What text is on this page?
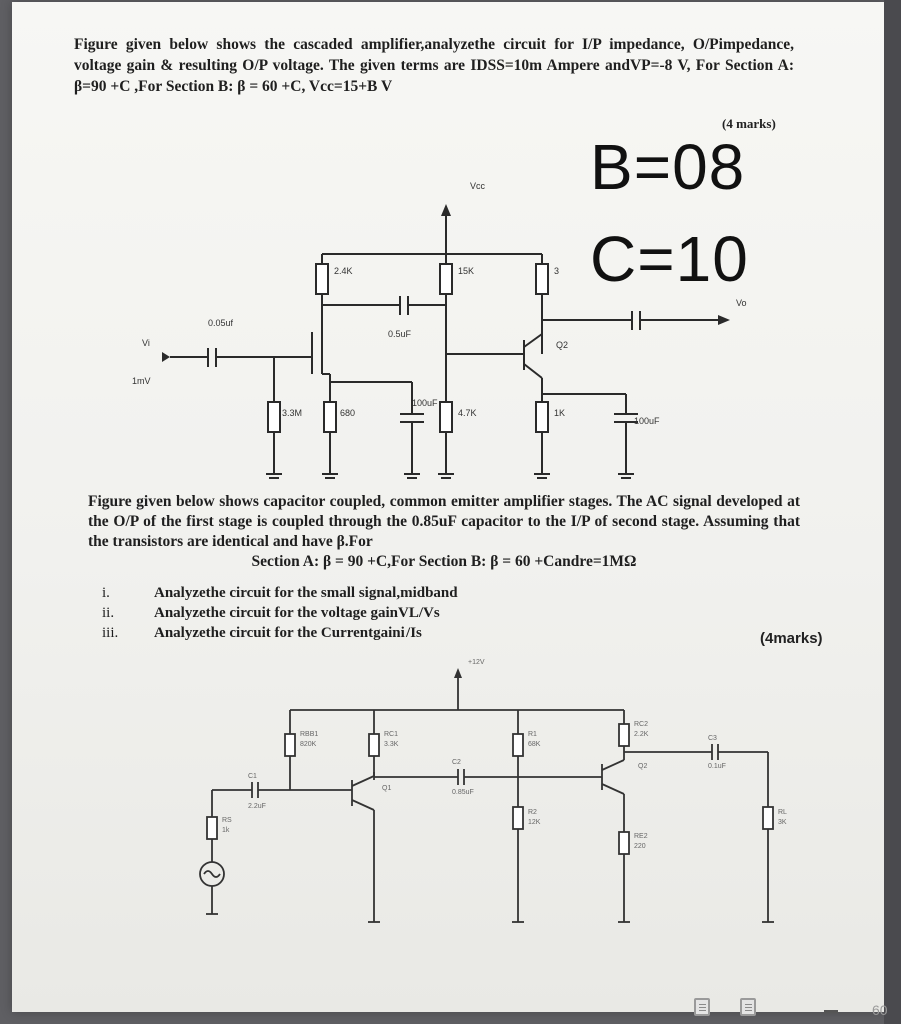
Figure given below shows the cascaded amplifier,analyzethe circuit for I/P impedance, O/Pimpedance, voltage gain & resulting O/P voltage. The given terms are IDSS=10m Ampere andVP=-8 V, For Section A: β=90 +C ,For Section B: β = 60 +C, Vcc=15+B V
(4 marks)
B=08
C=10
Vcc
2.4K	15K	3
0.05uf
0.5uF
Vi
1mV
Q2
Vo
3.3M	680
100uF
4.7K	1K
100uF
Figure given below shows capacitor coupled, common emitter amplifier stages. The AC signal developed at the O/P of the first stage is coupled through the 0.85uF capacitor to the I/P of second stage. Assuming that the transistors are identical and have β.For
Section A: β = 90 +C,For Section B: β = 60 +Candre=1MΩ
i.	Analyzethe circuit for the small signal,midband
ii.	Analyzethe circuit for the voltage gainVL/Vs
iii.	Analyzethe circuit for the Currentgaini /Is	(4marks)
+12V
RBB1
820K
RC1
3.3K
R1
68K
RC2
2.2K
C1
2.2uF
Q1
C2
0.85uF
Q2
C3
0.1uF
RS
1k
R2
12K
RE2
220
RL
3K
60
